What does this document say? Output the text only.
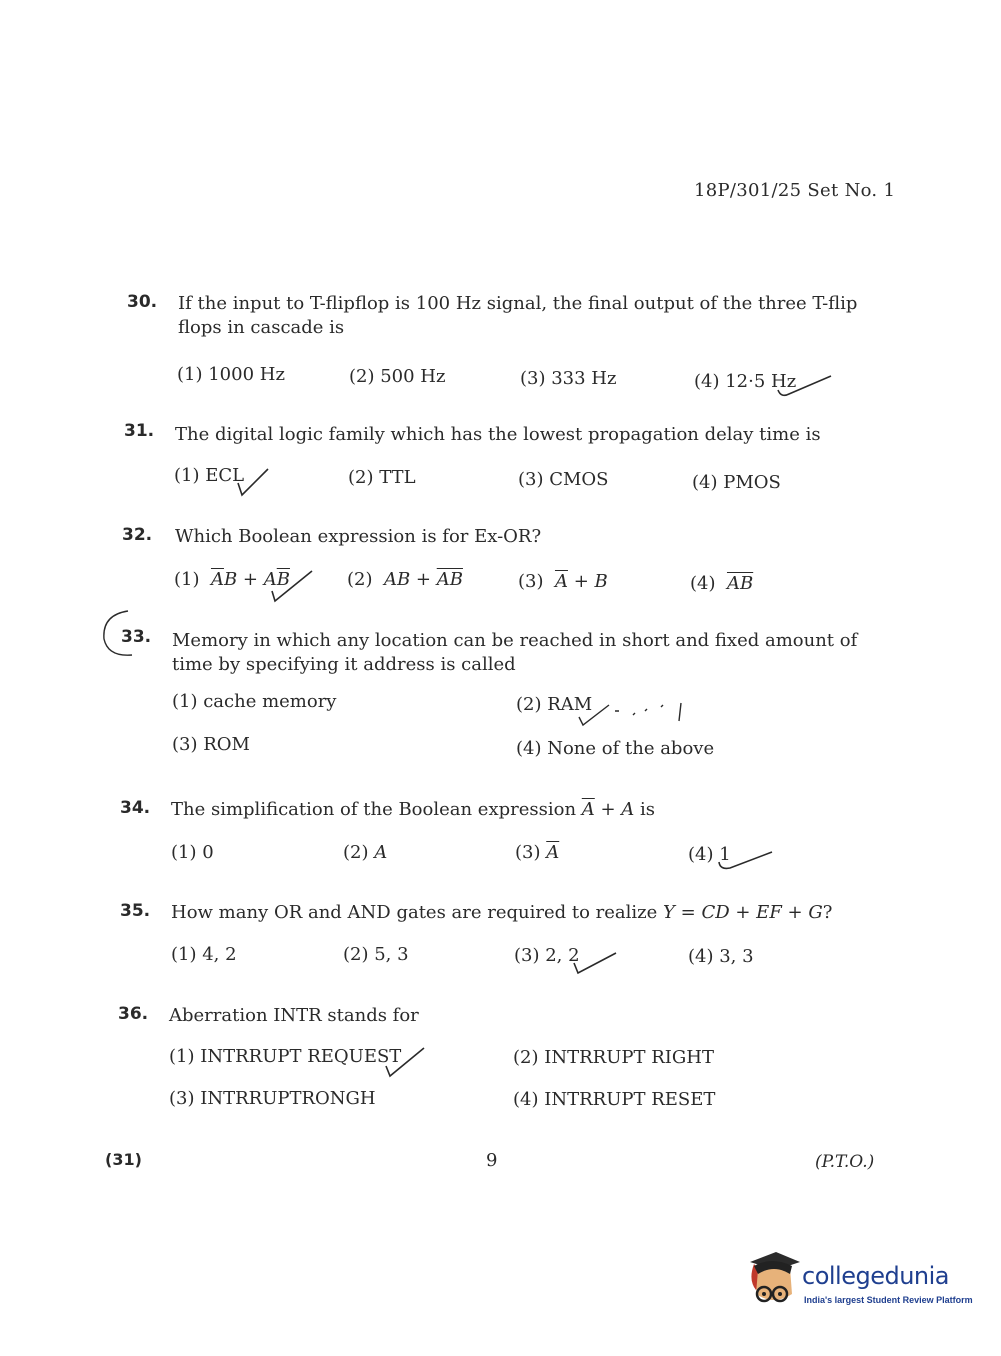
18P/301/25 Set No. 1
30. If the input to T-flipflop is 100 Hz signal, the final output of the three T-flip flops in cascade is
(1) 1000 Hz	(2) 500 Hz	(3) 333 Hz	(4) 12·5 Hz
31. The digital logic family which has the lowest propagation delay time is
(1) ECL	(2) TTL	(3) CMOS	(4) PMOS
32. Which Boolean expression is for Ex-OR?
(1) $\overline{A}B + A\overline{B}$	(2) AB + $\overline{AB}$	(3) $\overline{A} + B$	(4) $\overline{AB}$
33. Memory in which any location can be reached in short and fixed amount of time by specifying it address is called
(1) cache memory	(2) RAM
(3) ROM	(4) None of the above
34. The simplification of the Boolean expression $\overline{A} + A$ is
(1) 0	(2) A	(3) $\overline{A}$	(4) 1
35. How many OR and AND gates are required to realize Y = CD + EF + G?
(1) 4, 2	(2) 5, 3	(3) 2, 2	(4) 3, 3
36. Aberration INTR stands for
(1) INTRRUPT REQUEST	(2) INTRRUPT RIGHT
(3) INTRRUPTRONGH	(4) INTRRUPT RESET
(31)	9	(P.T.O.)
collegedunia
India's largest Student Review Platform
